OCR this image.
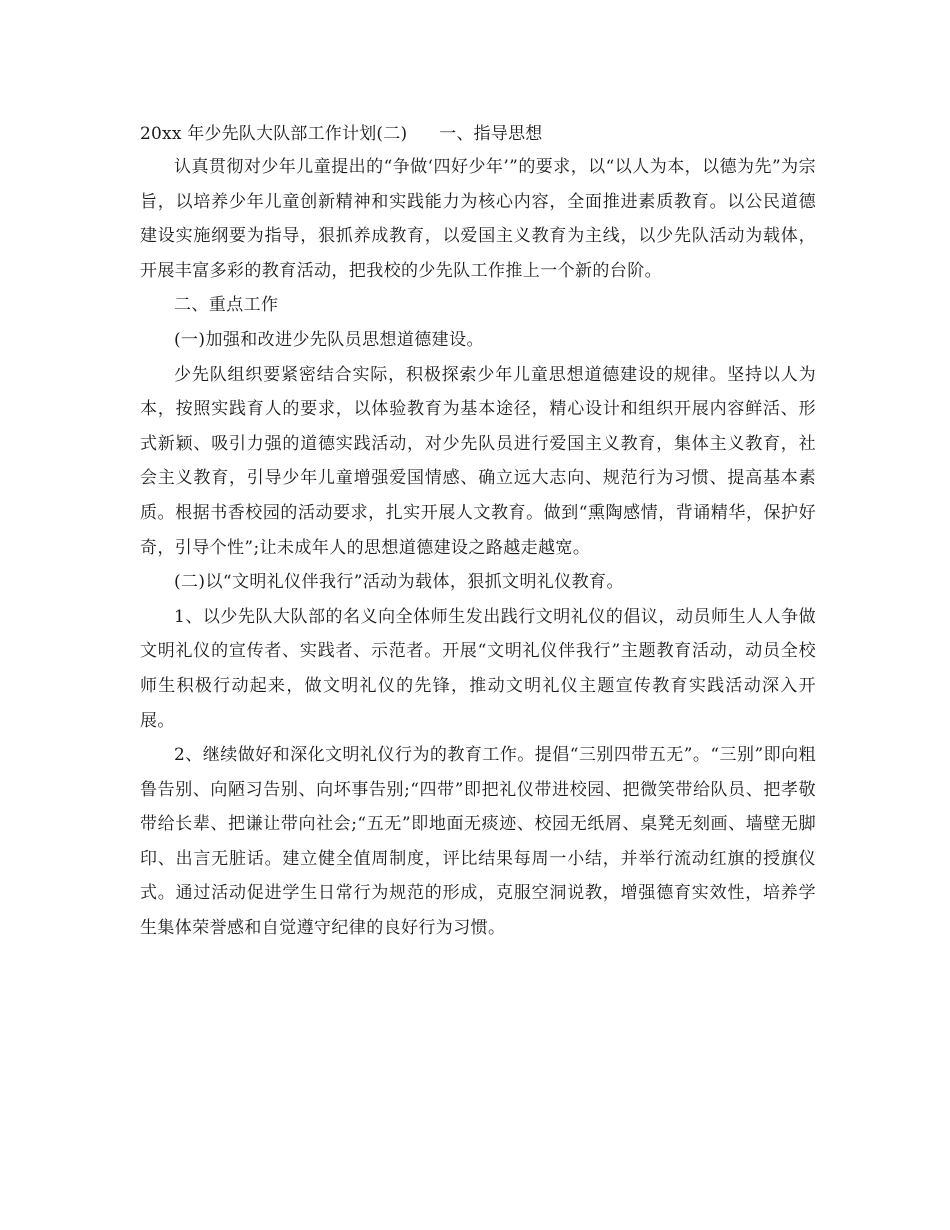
20xx 年少先队大队部工作计划(二) 一、指导思想

认真贯彻对少年儿童提出的“争做‘四好少年’”的要求，以“以人为本，以德为先”为宗旨，以培养少年儿童创新精神和实践能力为核心内容，全面推进素质教育。以公民道德建设实施纲要为指导，狠抓养成教育，以爱国主义教育为主线，以少先队活动为载体，开展丰富多彩的教育活动，把我校的少先队工作推上一个新的台阶。

二、重点工作

(一)加强和改进少先队员思想道德建设。

少先队组织要紧密结合实际，积极探索少年儿童思想道德建设的规律。坚持以人为本，按照实践育人的要求，以体验教育为基本途径，精心设计和组织开展内容鲜活、形式新颖、吸引力强的道德实践活动，对少先队员进行爱国主义教育，集体主义教育，社会主义教育，引导少年儿童增强爱国情感、确立远大志向、规范行为习惯、提高基本素质。根据书香校园的活动要求，扎实开展人文教育。做到“熏陶感情，背诵精华，保护好奇，引导个性”;让未成年人的思想道德建设之路越走越宽。

(二)以“文明礼仪伴我行”活动为载体，狠抓文明礼仪教育。

1、以少先队大队部的名义向全体师生发出践行文明礼仪的倡议，动员师生人人争做文明礼仪的宣传者、实践者、示范者。开展“文明礼仪伴我行”主题教育活动，动员全校师生积极行动起来，做文明礼仪的先锋，推动文明礼仪主题宣传教育实践活动深入开展。

2、继续做好和深化文明礼仪行为的教育工作。提倡“三别四带五无”。“三别”即向粗鲁告别、向陋习告别、向坏事告别;“四带”即把礼仪带进校园、把微笑带给队员、把孝敬带给长辈、把谦让带向社会;“五无”即地面无痰迹、校园无纸屑、桌凳无刻画、墙壁无脚印、出言无脏话。建立健全值周制度，评比结果每周一小结，并举行流动红旗的授旗仪式。通过活动促进学生日常行为规范的形成，克服空洞说教，增强德育实效性，培养学生集体荣誉感和自觉遵守纪律的良好行为习惯。
